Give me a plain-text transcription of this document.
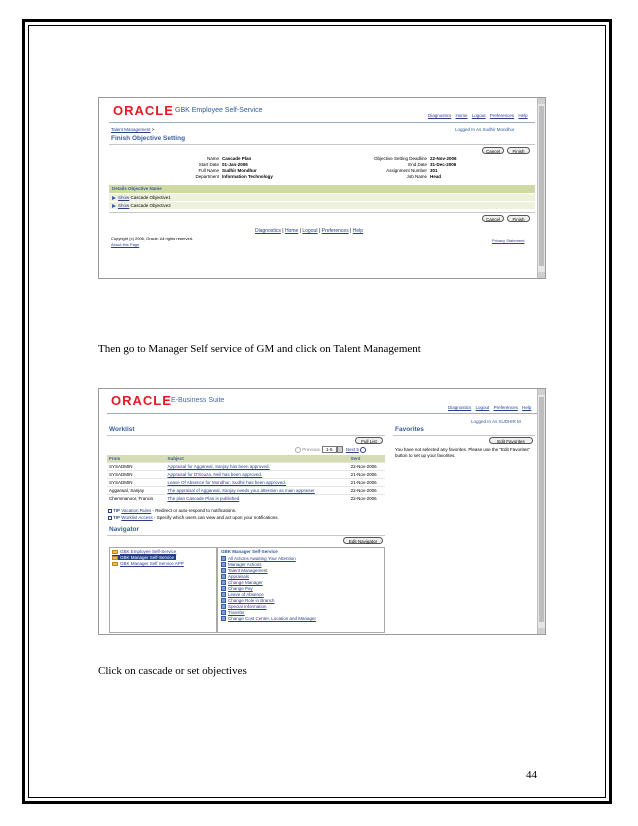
ORACLE GBK Employee Self-Service
Diagnostics Home Logout Preferences Help
Talent Management >	Logged In As Sudhir Mondhur
Finish Objective Setting
Cancel	Finish
Name Cascade Plan
Start Date 01-Jan-2006
Full Name Sudhir Mondhur
Department Information Technology
Objective Setting Deadline 22-Nov-2006
End Date 31-Dec-2006
Assignment Number 301
Job Name Head
Details Objective Name
Show Cascade Objective1
Show Cascade Objective2
Cancel	Finish
Diagnostics | Home | Logout | Preferences | Help
Copyright (c) 2006, Oracle. All rights reserved.
About this Page
Privacy Statement
Then go to Manager Self service of GM and click on Talent Management
ORACLE E-Business Suite
Diagnostics Logout Preferences Help
Logged In As SUDHIR M
Worklist
Full List
Previous 1-5	Next 5
From	Subject	Sent
SYSADMIN	Appraisal for Aggarwal, Sanjay has been approved.	22-Nov-2006
SYSADMIN	Appraisal for D'Souza, Neil has been approved.	21-Nov-2006
SYSADMIN	Leave Of Absence for Mondhur, Sudhir has been approved.	21-Nov-2006
Aggarwal, Sanjay	The appraisal of Aggarwal, Sanjay needs your attention as main appraiser	22-Nov-2006
Chemmanoor, Francis	The plan Cascade Plan is published	22-Nov-2006
TIP Vacation Rules - Redirect or auto-respond to notifications.
TIP Worklist Access - Specify which users can view and act upon your notifications.
Favorites
Edit Favorites
You have not selected any favorites. Please use the "Edit Favorites" button to set up your favorites.
Navigator
Edit Navigator
GBK Employee Self-Service
GBK Manager Self-Service
GBK Manager Self Service APP
GBK Manager Self-Service
All Actions Awaiting Your Attention
Manager Actions
Talent Management
Appraisals
Change Manager
Change Pay
Leave of Absence
Change Role in Branch
Special Information
Transfer
Change Cost Center, Location and Manager
Click on cascade or set objectives
44
